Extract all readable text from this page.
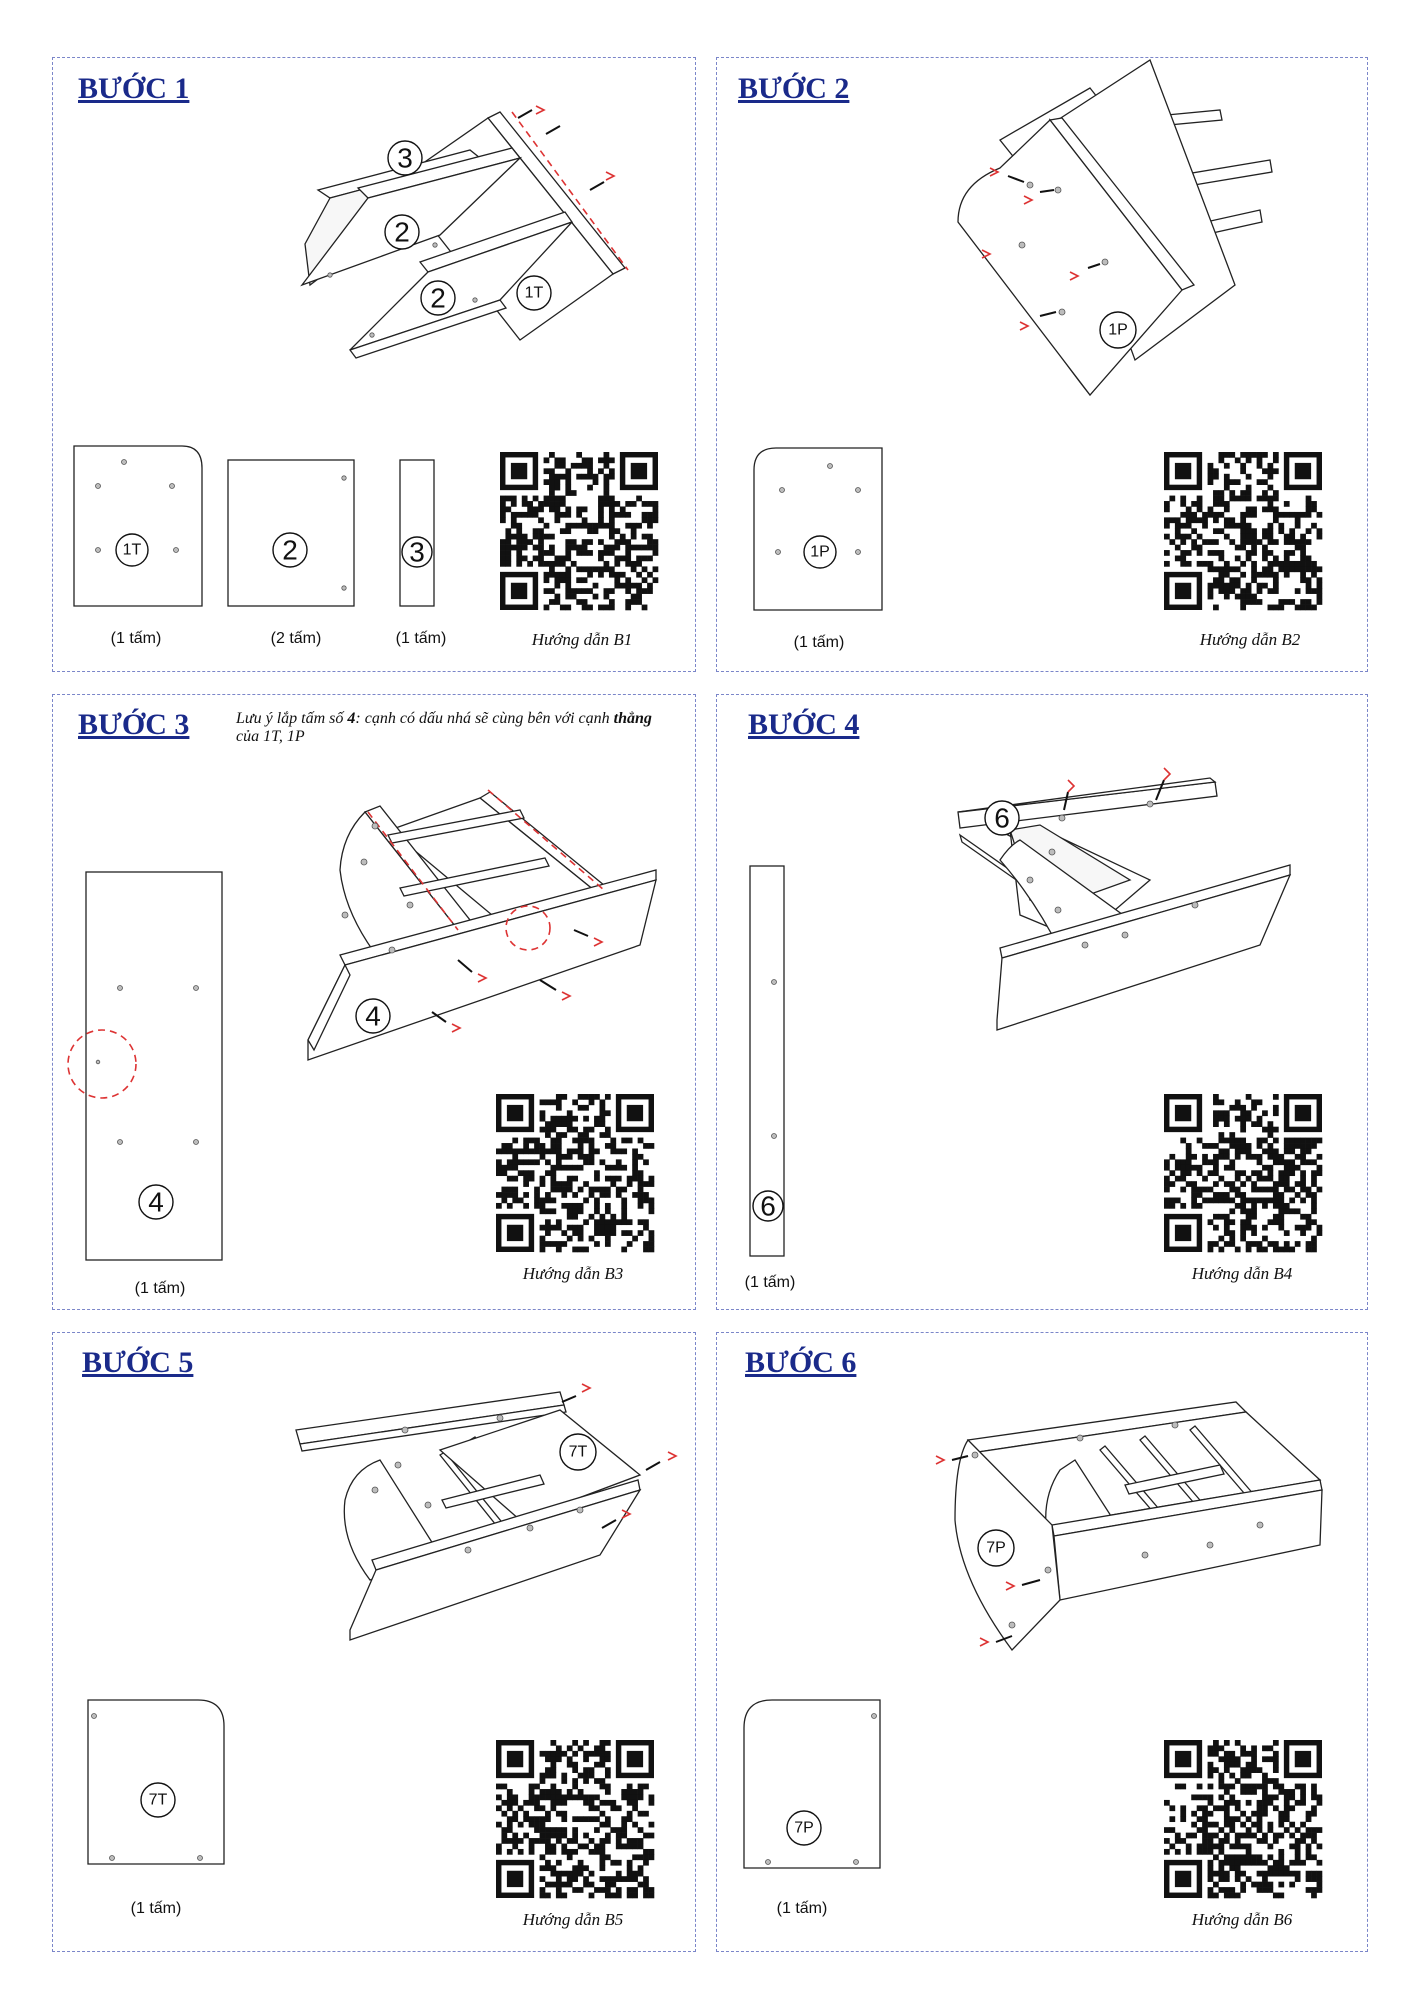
BƯỚC 1
3
2
2	1T
1T	2	3
(1 tấm)	(2 tấm)	(1 tấm)	Hướng dẫn B1
BƯỚC 2
1P
1P
(1 tấm)	Hướng dẫn B2
BƯỚC 3	Lưu ý lắp tấm số 4: cạnh có dấu nhá sẽ cùng bên với cạnh thẳng của 1T, 1P
4
4
(1 tấm)
Hướng dẫn B3
BƯỚC 4
6
6
(1 tấm)	Hướng dẫn B4
BƯỚC 5
7T
7T
(1 tấm)
Hướng dẫn B5
BƯỚC 6
7P
7P
(1 tấm)
Hướng dẫn B6
